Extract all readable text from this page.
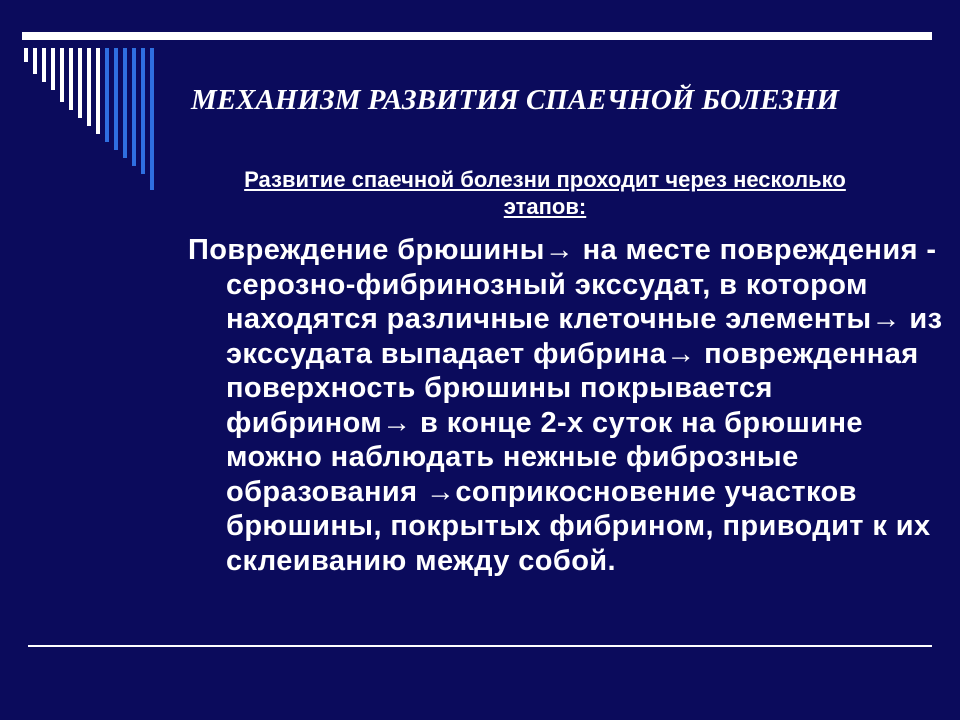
МЕХАНИЗМ РАЗВИТИЯ СПАЕЧНОЙ БОЛЕЗНИ
Развитие спаечной болезни проходит через несколько этапов:

Повреждение брюшины→ на месте повреждения - серозно-фибринозный экссудат, в котором находятся различные клеточные элементы→ из экссудата выпадает фибрина→ поврежденная поверхность брюшины покрывается фибрином→ в конце 2-х суток на брюшине можно наблюдать нежные фиброзные образования →соприкосновение участков брюшины, покрытых фибрином, приводит к их склеиванию между собой.
